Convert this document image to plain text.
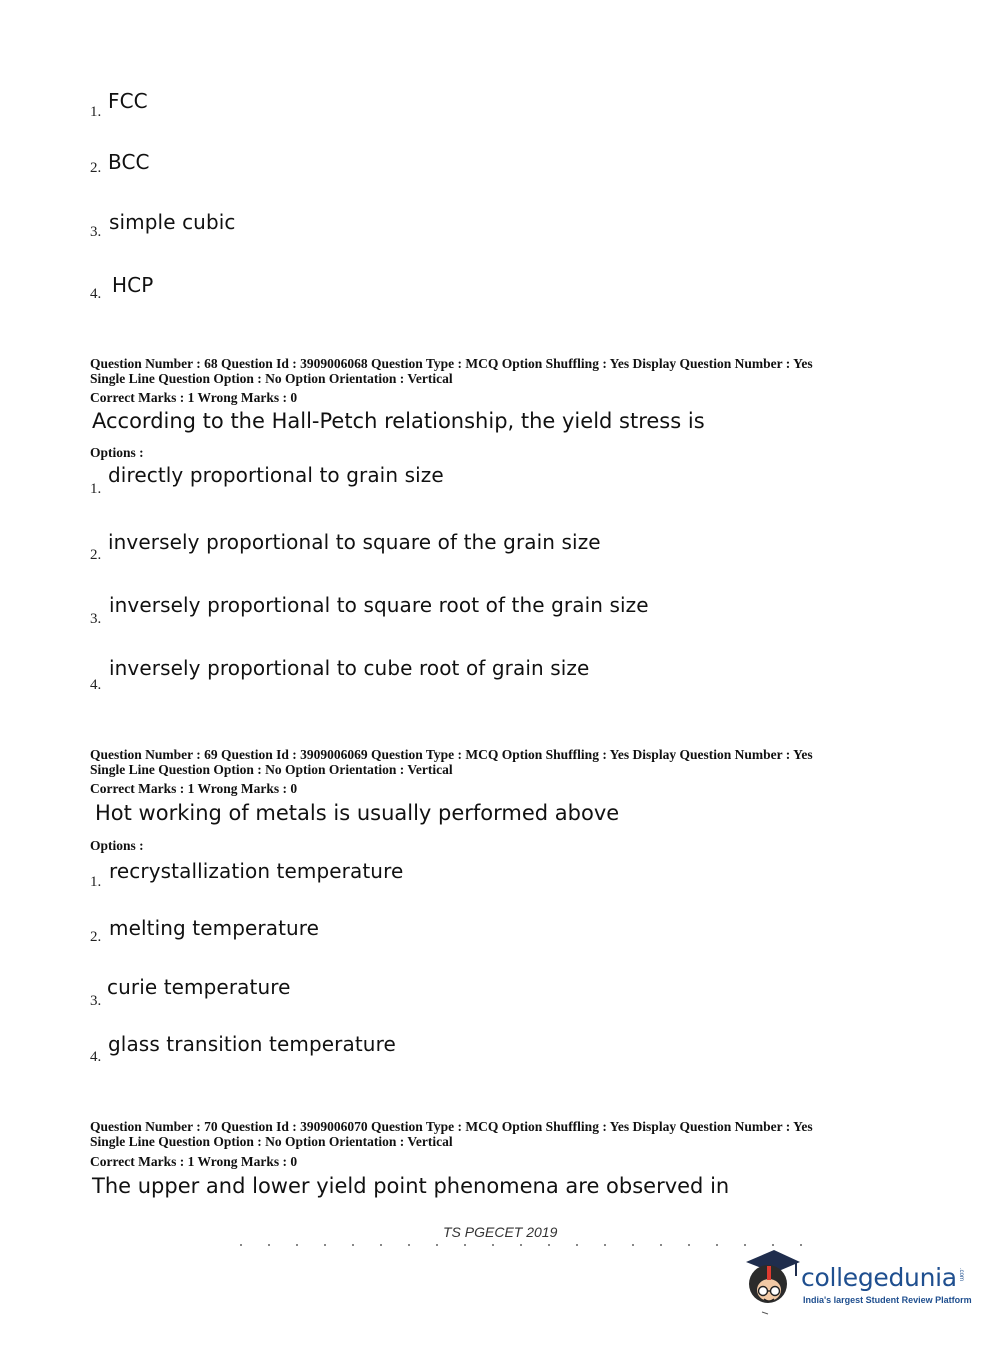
1. FCC
2. BCC
3. simple cubic
4. HCP
Question Number : 68 Question Id : 3909006068 Question Type : MCQ Option Shuffling : Yes Display Question Number : Yes
Single Line Question Option : No Option Orientation : Vertical
Correct Marks : 1 Wrong Marks : 0
According to the Hall-Petch relationship, the yield stress is
Options :
1.
directly proportional to grain size
2.
inversely proportional to square of the grain size
3.
inversely proportional to square root of the grain size
4.
inversely proportional to cube root of grain size
Question Number : 69 Question Id : 3909006069 Question Type : MCQ Option Shuffling : Yes Display Question Number : Yes
Single Line Question Option : No Option Orientation : Vertical
Correct Marks : 1 Wrong Marks : 0
Hot working of metals is usually performed above
Options :
1. recrystallization temperature
2. melting temperature
3.
curie temperature
4.
glass transition temperature
Question Number : 70 Question Id : 3909006070 Question Type : MCQ Option Shuffling : Yes Display Question Number : Yes
Single Line Question Option : No Option Orientation : Vertical
Correct Marks : 1 Wrong Marks : 0
The upper and lower yield point phenomena are observed in
TS PGECET 2019
collegedunia .com
India's largest Student Review Platform
